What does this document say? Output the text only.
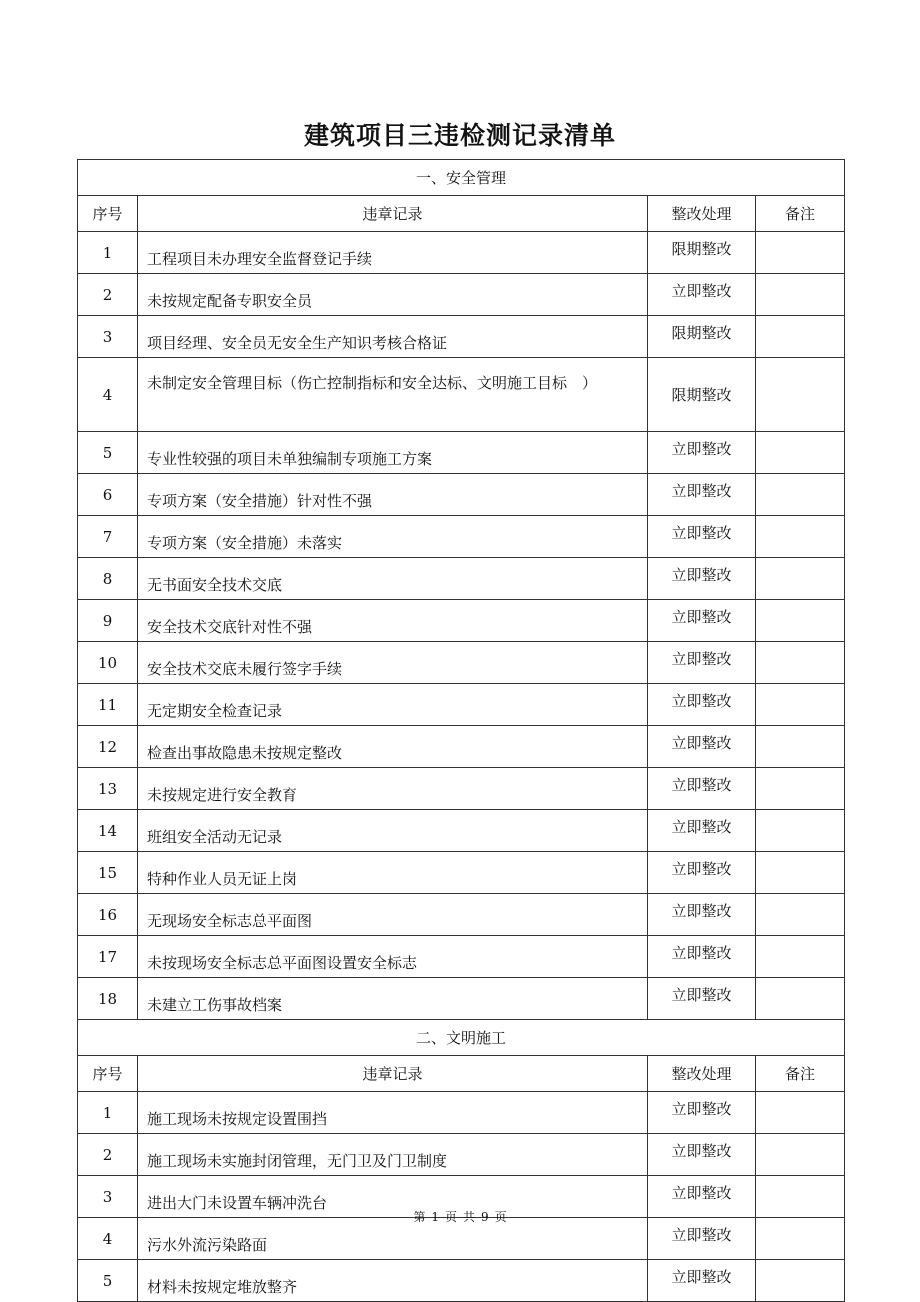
建筑项目三违检测记录清单
一、安全管理			
序号	违章记录	整改处理	备注
1	工程项目未办理安全监督登记手续	限期整改	
2	未按规定配备专职安全员	立即整改	
3	项目经理、安全员无安全生产知识考核合格证	限期整改	
4	未制定安全管理目标（伤亡控制指标和安全达标、文明施工目标　）	限期整改	
5	专业性较强的项目未单独编制专项施工方案	立即整改	
6	专项方案（安全措施）针对性不强	立即整改	
7	专项方案（安全措施）未落实	立即整改	
8	无书面安全技术交底	立即整改	
9	安全技术交底针对性不强	立即整改	
10	安全技术交底未履行签字手续	立即整改	
11	无定期安全检查记录	立即整改	
12	检查出事故隐患未按规定整改	立即整改	
13	未按规定进行安全教育	立即整改	
14	班组安全活动无记录	立即整改	
15	特种作业人员无证上岗	立即整改	
16	无现场安全标志总平面图	立即整改	
17	未按现场安全标志总平面图设置安全标志	立即整改	
18	未建立工伤事故档案	立即整改	
二、文明施工			
序号	违章记录	整改处理	备注
1	施工现场未按规定设置围挡	立即整改	
2	施工现场未实施封闭管理，无门卫及门卫制度	立即整改	
3	进出大门未设置车辆冲洗台	立即整改	
4	污水外流污染路面	立即整改	
5	材料未按规定堆放整齐	立即整改	
第 1 页 共 9 页
